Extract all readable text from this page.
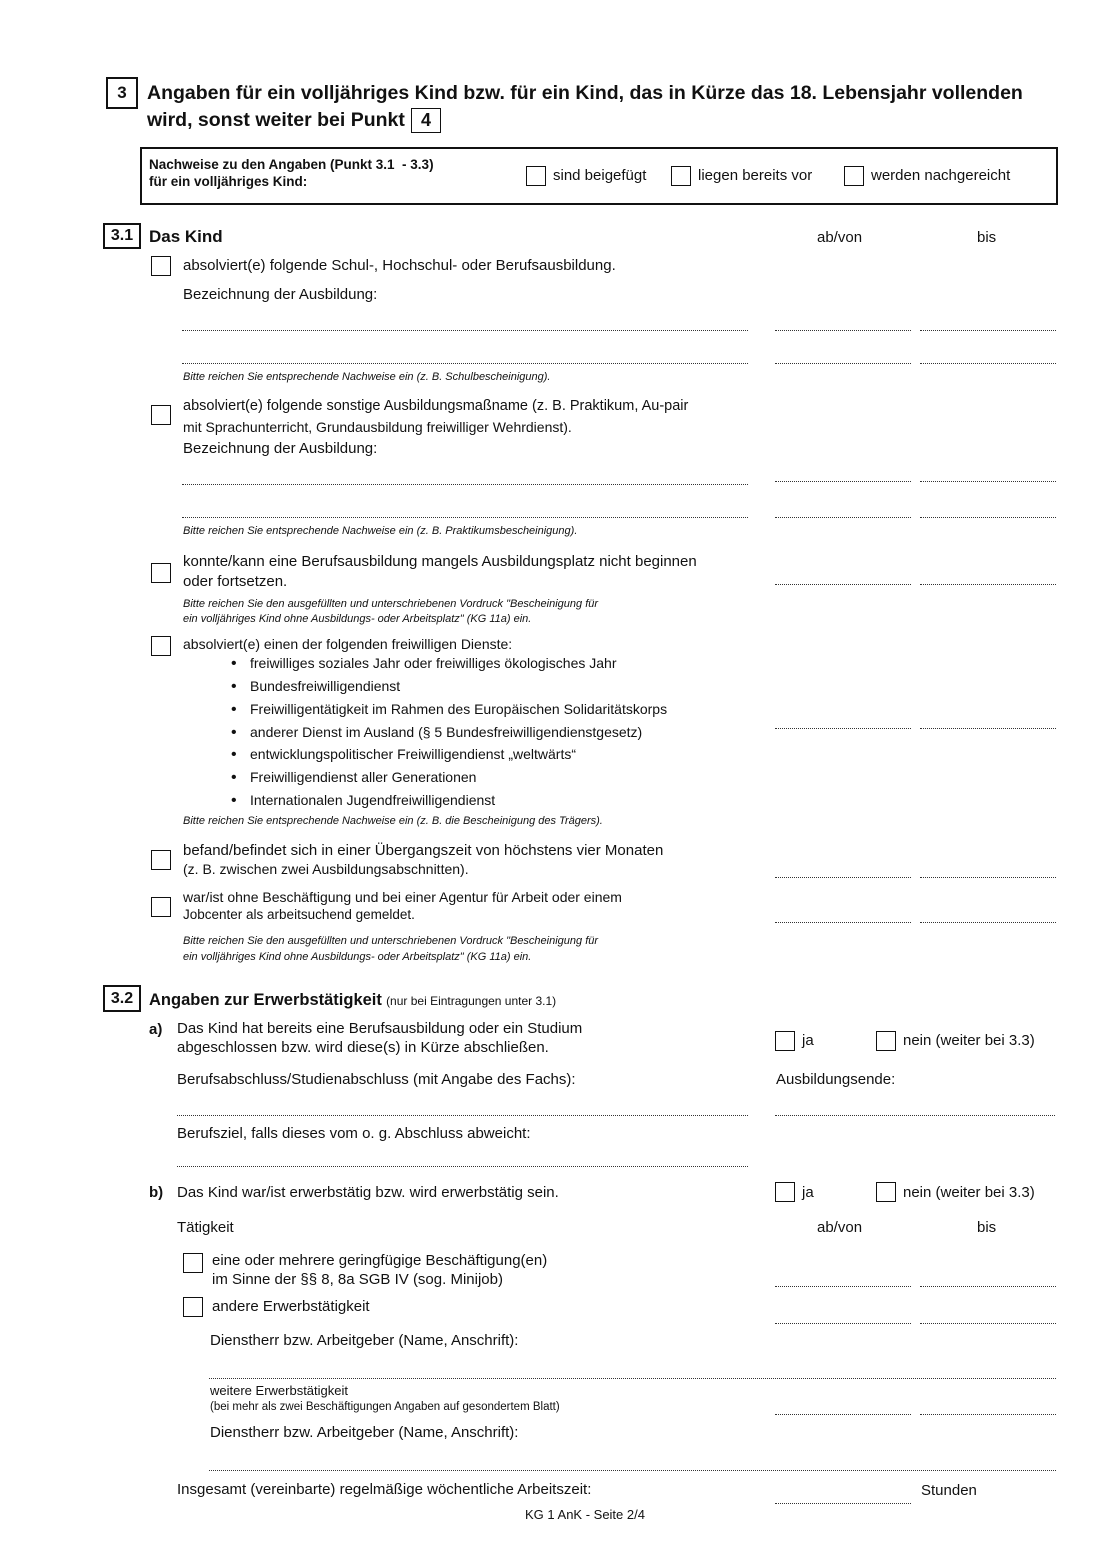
3 Angaben für ein volljähriges Kind bzw. für ein Kind, das in Kürze das 18. Lebensjahr vollenden
wird, sonst weiter bei Punkt 4
Nachweise zu den Angaben (Punkt 3.1  - 3.3)
für ein volljähriges Kind:	sind beigefügt	liegen bereits vor	werden nachgereicht
3.1 Das Kind	ab/von	bis
absolviert(e) folgende Schul-, Hochschul- oder Berufsausbildung.
Bezeichnung der Ausbildung:
Bitte reichen Sie entsprechende Nachweise ein (z. B. Schulbescheinigung).
absolviert(e) folgende sonstige Ausbildungsmaßname (z. B. Praktikum, Au-pair
mit Sprachunterricht, Grundausbildung freiwilliger Wehrdienst).
Bezeichnung der Ausbildung:
Bitte reichen Sie entsprechende Nachweise ein (z. B. Praktikumsbescheinigung).
konnte/kann eine Berufsausbildung mangels Ausbildungsplatz nicht beginnen
oder fortsetzen.
Bitte reichen Sie den ausgefüllten und unterschriebenen Vordruck "Bescheinigung für
ein volljähriges Kind ohne Ausbildungs- oder Arbeitsplatz" (KG 11a) ein.
absolviert(e) einen der folgenden freiwilligen Dienste:
• freiwilliges soziales Jahr oder freiwilliges ökologisches Jahr
• Bundesfreiwilligendienst
• Freiwilligentätigkeit im Rahmen des Europäischen Solidaritätskorps
• anderer Dienst im Ausland (§ 5 Bundesfreiwilligendienstgesetz)
• entwicklungspolitischer Freiwilligendienst „weltwärts“
• Freiwilligendienst aller Generationen
• Internationalen Jugendfreiwilligendienst
Bitte reichen Sie entsprechende Nachweise ein (z. B. die Bescheinigung des Trägers).
befand/befindet sich in einer Übergangszeit von höchstens vier Monaten
(z. B. zwischen zwei Ausbildungsabschnitten).
war/ist ohne Beschäftigung und bei einer Agentur für Arbeit oder einem
Jobcenter als arbeitsuchend gemeldet.
Bitte reichen Sie den ausgefüllten und unterschriebenen Vordruck "Bescheinigung für
ein volljähriges Kind ohne Ausbildungs- oder Arbeitsplatz" (KG 11a) ein.
3.2 Angaben zur Erwerbstätigkeit (nur bei Eintragungen unter 3.1)
a) Das Kind hat bereits eine Berufsausbildung oder ein Studium
abgeschlossen bzw. wird diese(s) in Kürze abschließen.	ja	nein (weiter bei 3.3)
Berufsabschluss/Studienabschluss (mit Angabe des Fachs):	Ausbildungsende:
Berufsziel, falls dieses vom o. g. Abschluss abweicht:
b) Das Kind war/ist erwerbstätig bzw. wird erwerbstätig sein.	ja	nein (weiter bei 3.3)
Tätigkeit	ab/von	bis
eine oder mehrere geringfügige Beschäftigung(en)
im Sinne der §§ 8, 8a SGB IV (sog. Minijob)
andere Erwerbstätigkeit
Dienstherr bzw. Arbeitgeber (Name, Anschrift):
weitere Erwerbstätigkeit
(bei mehr als zwei Beschäftigungen Angaben auf gesondertem Blatt)
Dienstherr bzw. Arbeitgeber (Name, Anschrift):
Insgesamt (vereinbarte) regelmäßige wöchentliche Arbeitszeit:	Stunden
KG 1 AnK - Seite 2/4
